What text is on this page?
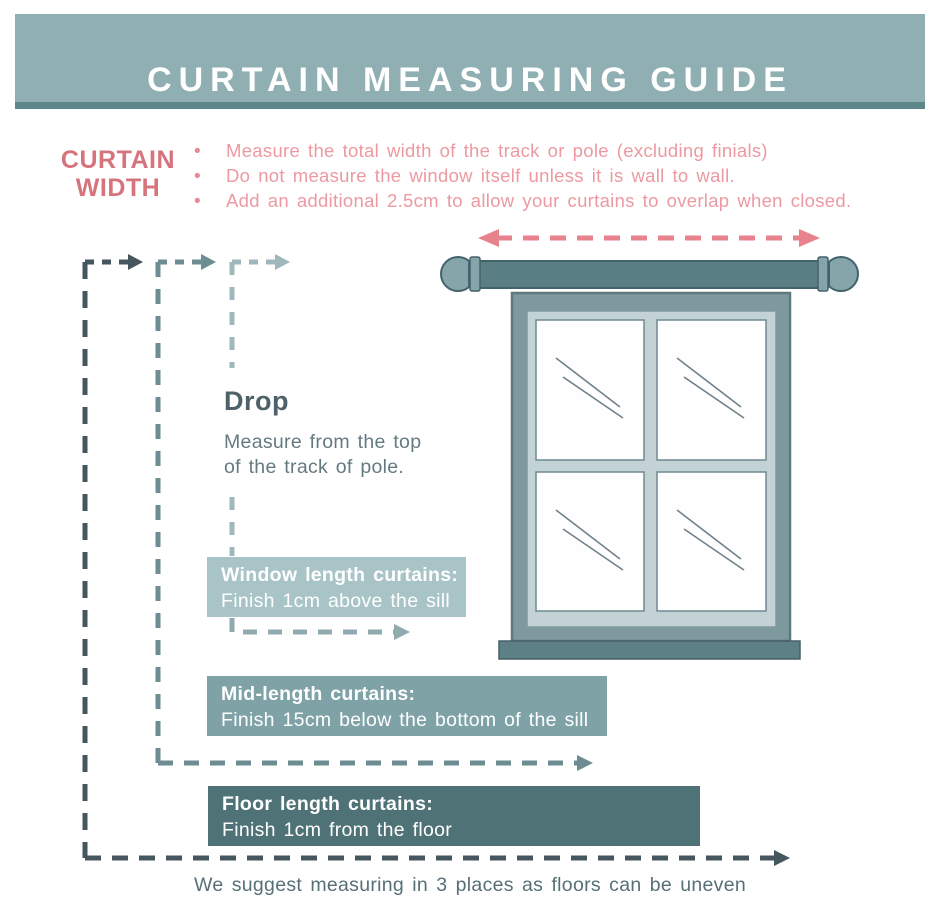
CURTAIN MEASURING GUIDE
CURTAIN
WIDTH
•	Measure the total width of the track or pole (excluding finials)
•	Do not measure the window itself unless it is wall to wall.
•	Add an additional 2.5cm to allow your curtains to overlap when closed.
Drop

Measure from the top
of the track of pole.

Window length curtains:
Finish 1cm above the sill
Mid-length curtains:
Finish 15cm below the bottom of the sill
Floor length curtains:
Finish 1cm from the floor
We suggest measuring in 3 places as floors can be uneven
